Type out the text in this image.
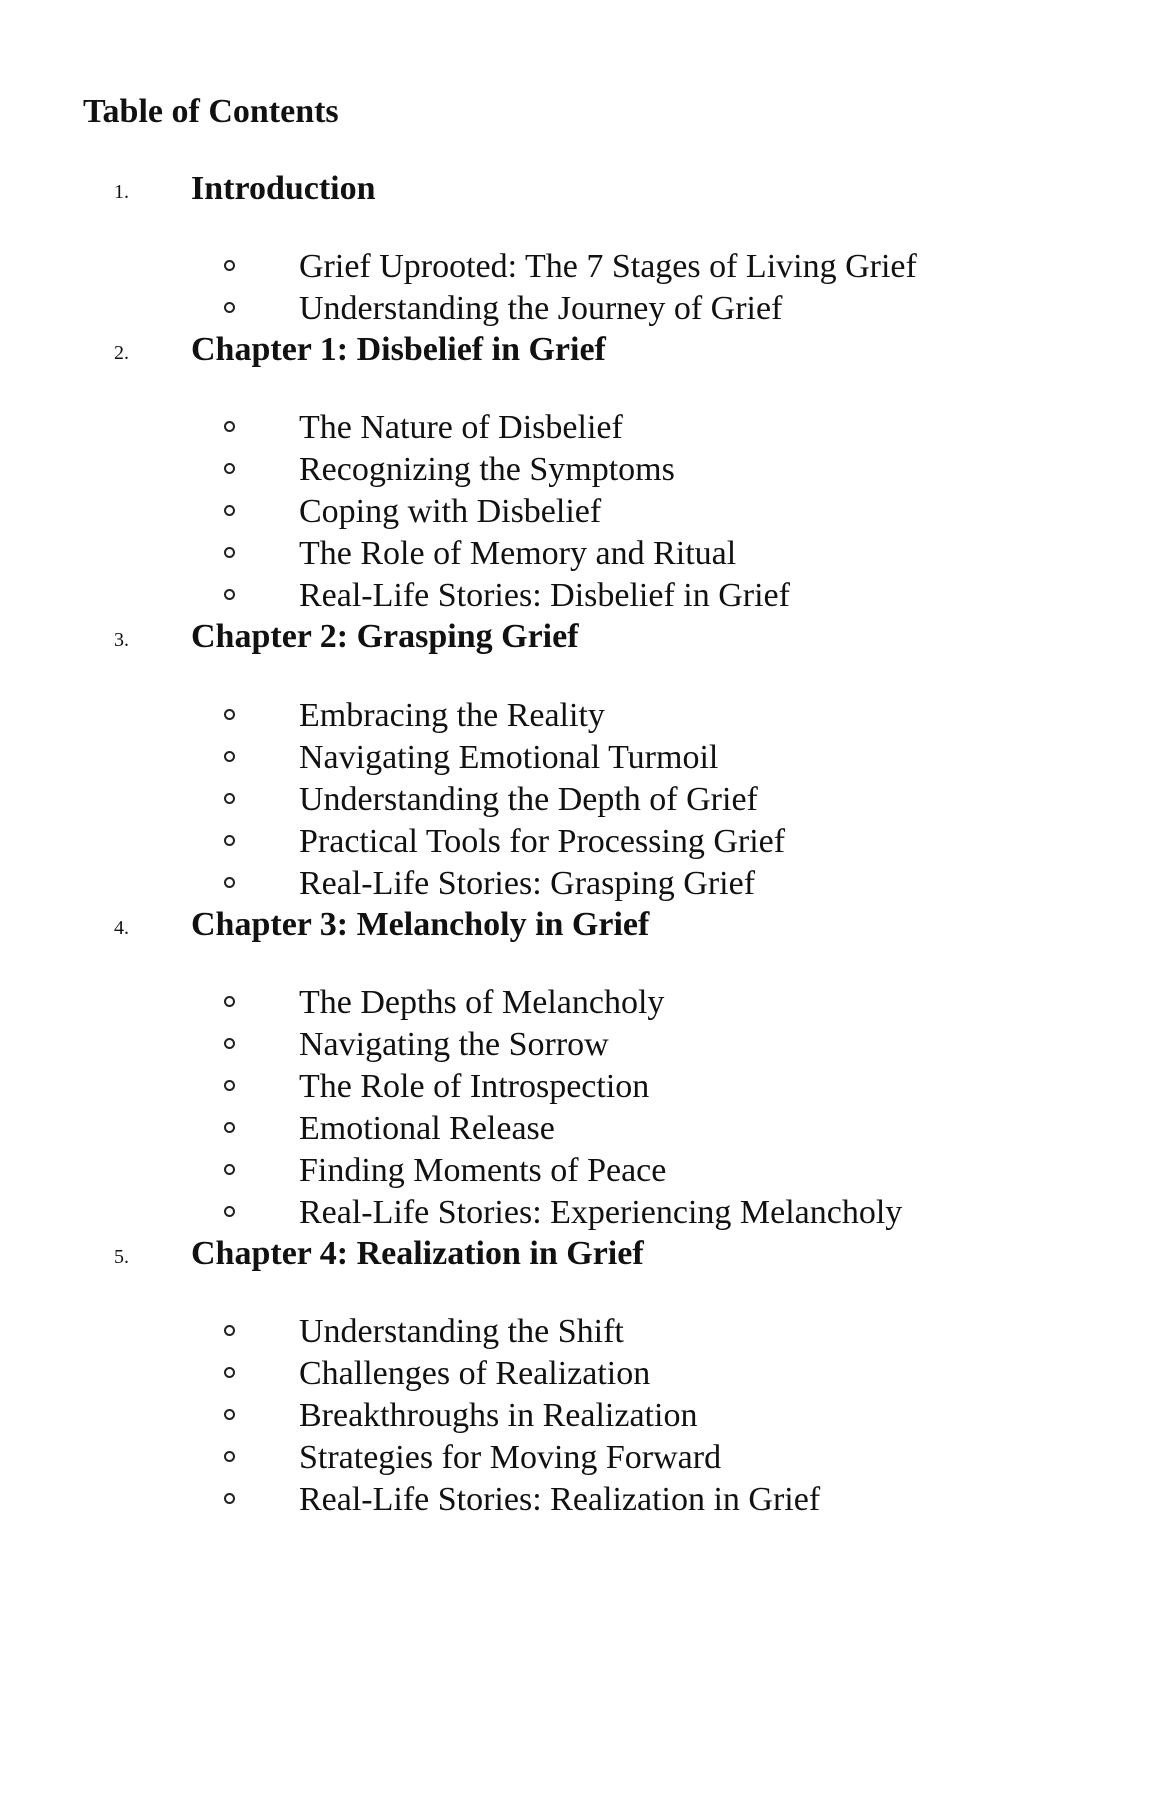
Table of Contents
1. Introduction
Grief Uprooted: The 7 Stages of Living Grief
Understanding the Journey of Grief
2. Chapter 1: Disbelief in Grief
The Nature of Disbelief
Recognizing the Symptoms
Coping with Disbelief
The Role of Memory and Ritual
Real-Life Stories: Disbelief in Grief
3. Chapter 2: Grasping Grief
Embracing the Reality
Navigating Emotional Turmoil
Understanding the Depth of Grief
Practical Tools for Processing Grief
Real-Life Stories: Grasping Grief
4. Chapter 3: Melancholy in Grief
The Depths of Melancholy
Navigating the Sorrow
The Role of Introspection
Emotional Release
Finding Moments of Peace
Real-Life Stories: Experiencing Melancholy
5. Chapter 4: Realization in Grief
Understanding the Shift
Challenges of Realization
Breakthroughs in Realization
Strategies for Moving Forward
Real-Life Stories: Realization in Grief
